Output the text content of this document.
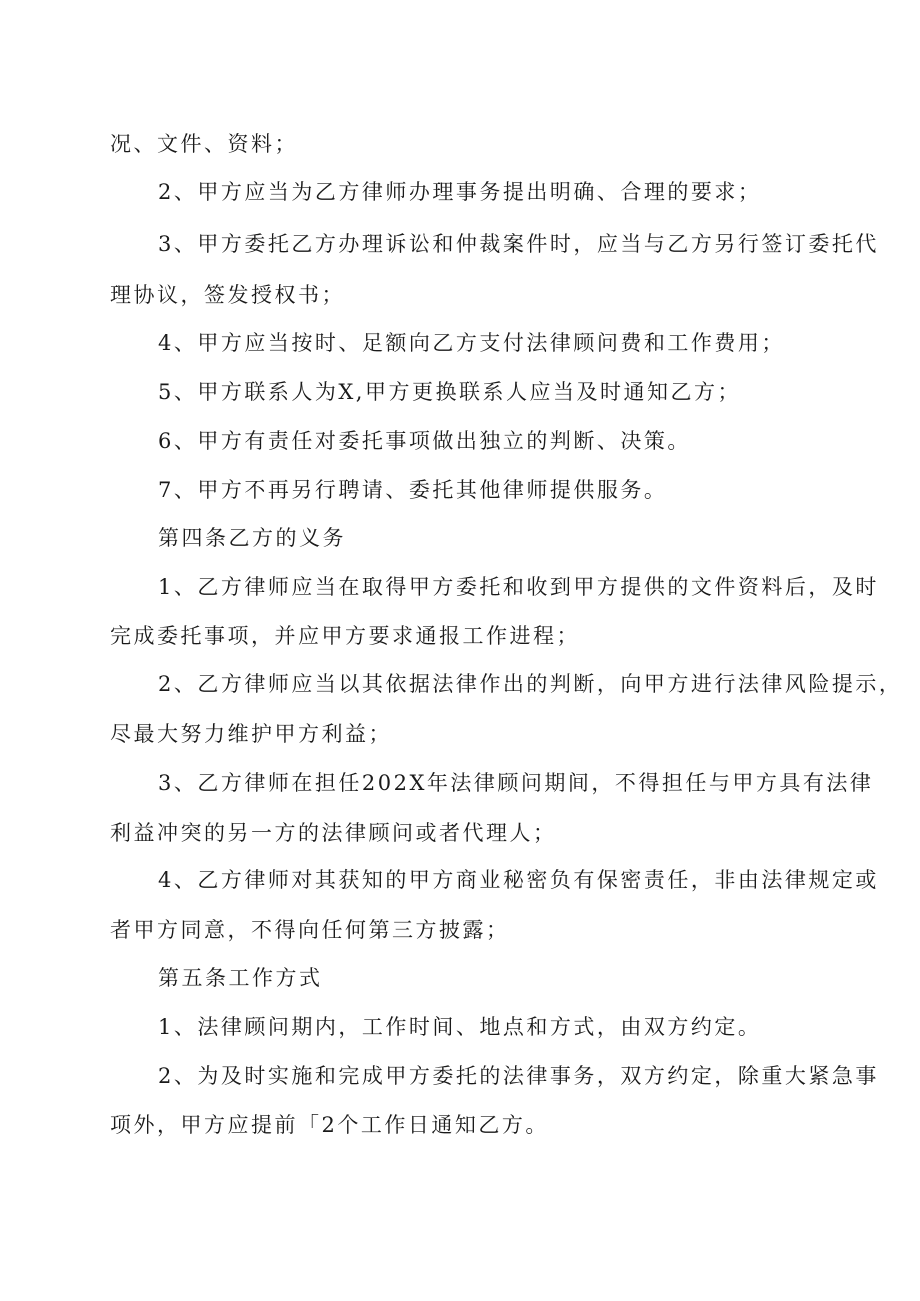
况、文件、资料；
2、甲方应当为乙方律师办理事务提出明确、合理的要求；
3、甲方委托乙方办理诉讼和仲裁案件时，应当与乙方另行签订委托代
理协议，签发授权书；
4、甲方应当按时、足额向乙方支付法律顾问费和工作费用；
5、甲方联系人为X,甲方更换联系人应当及时通知乙方；
6、甲方有责任对委托事项做出独立的判断、决策。
7、甲方不再另行聘请、委托其他律师提供服务。
第四条乙方的义务
1、乙方律师应当在取得甲方委托和收到甲方提供的文件资料后，及时
完成委托事项，并应甲方要求通报工作进程；
2、乙方律师应当以其依据法律作出的判断，向甲方进行法律风险提示，
尽最大努力维护甲方利益；
3、乙方律师在担任202X年法律顾问期间，不得担任与甲方具有法律
利益冲突的另一方的法律顾问或者代理人；
4、乙方律师对其获知的甲方商业秘密负有保密责任，非由法律规定或
者甲方同意，不得向任何第三方披露；
第五条工作方式
1、法律顾问期内，工作时间、地点和方式，由双方约定。
2、为及时实施和完成甲方委托的法律事务，双方约定，除重大紧急事
项外，甲方应提前「2个工作日通知乙方。
